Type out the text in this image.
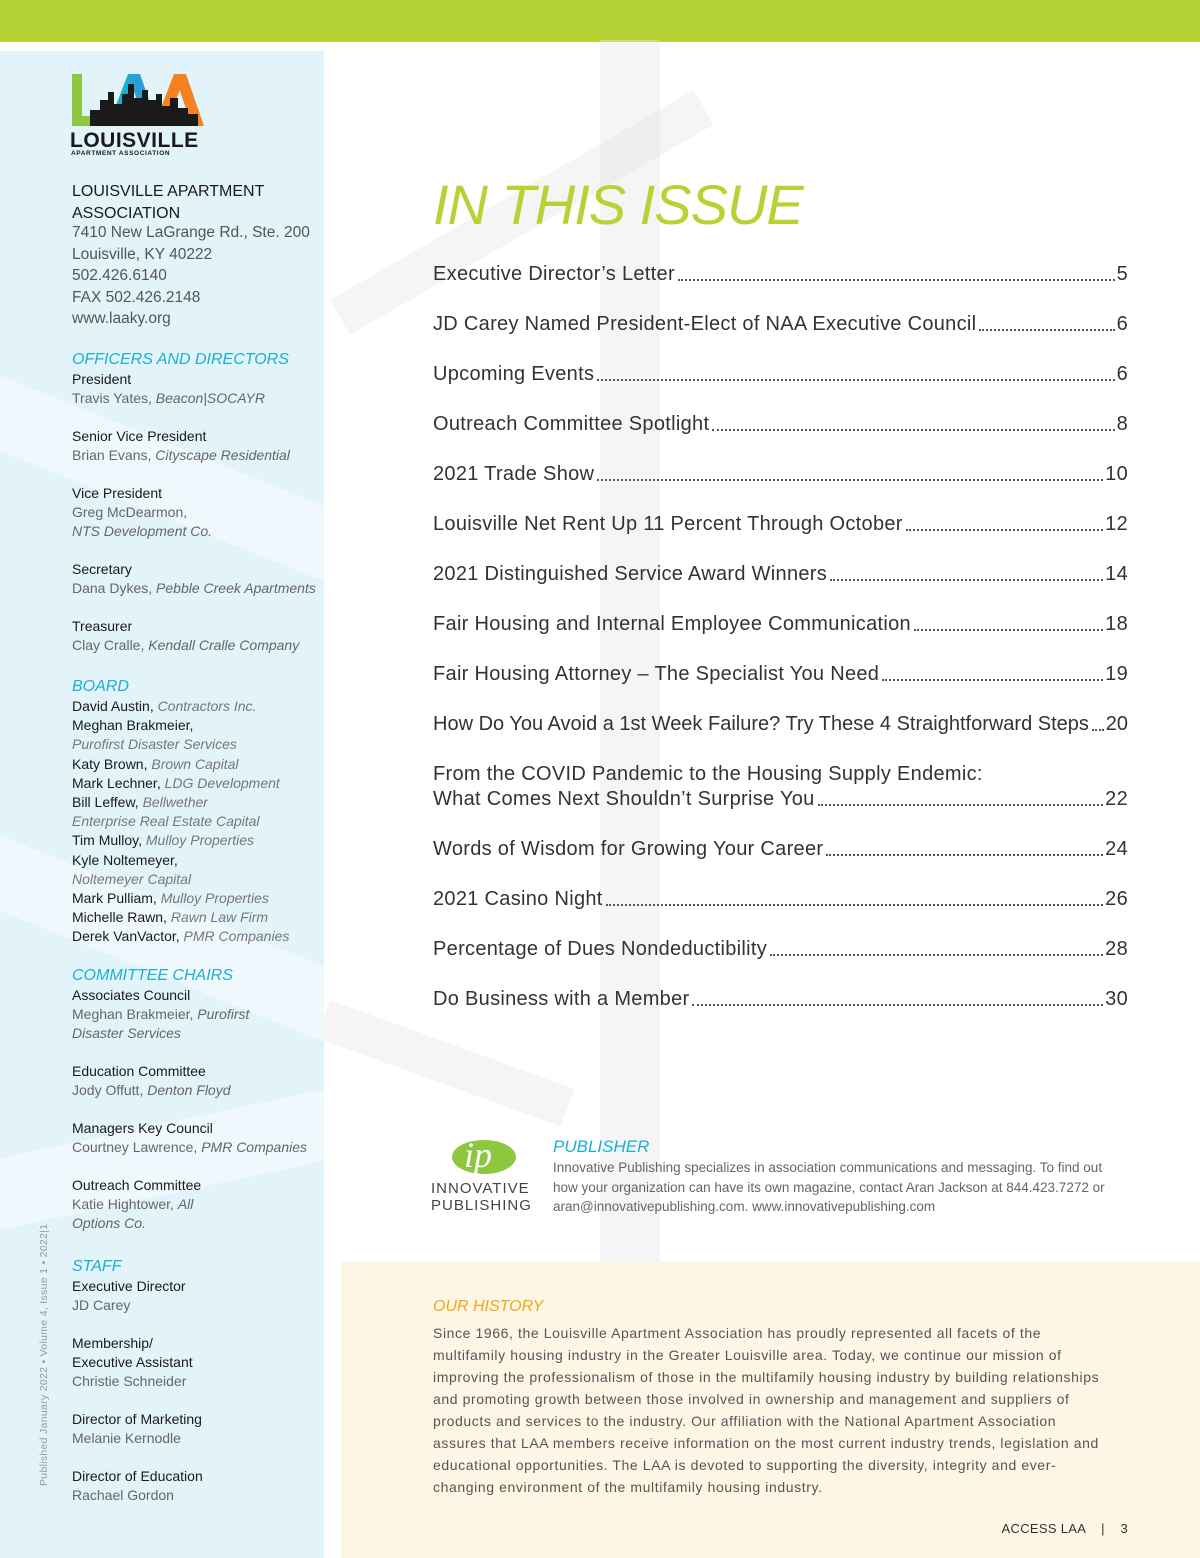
LOUISVILLE
APARTMENT ASSOCIATION
LOUISVILLE APARTMENT
ASSOCIATION
7410 New LaGrange Rd., Ste. 200
Louisville, KY 40222
502.426.6140
FAX 502.426.2148
www.laaky.org
OFFICERS AND DIRECTORS
President
Travis Yates, Beacon|SOCAYR
Senior Vice President
Brian Evans, Cityscape Residential
Vice President
Greg McDearmon,
NTS Development Co.
Secretary
Dana Dykes, Pebble Creek Apartments
Treasurer
Clay Cralle, Kendall Cralle Company
BOARD
David Austin, Contractors Inc.
Meghan Brakmeier,
Purofirst Disaster Services
Katy Brown, Brown Capital
Mark Lechner, LDG Development
Bill Leffew, Bellwether
Enterprise Real Estate Capital
Tim Mulloy, Mulloy Properties
Kyle Noltemeyer,
Noltemeyer Capital
Mark Pulliam, Mulloy Properties
Michelle Rawn, Rawn Law Firm
Derek VanVactor, PMR Companies
COMMITTEE CHAIRS
Associates Council
Meghan Brakmeier, Purofirst
Disaster Services
Education Committee
Jody Offutt, Denton Floyd
Managers Key Council
Courtney Lawrence, PMR Companies
Outreach Committee
Katie Hightower, All
Options Co.
STAFF
Executive Director
JD Carey
Membership/
Executive Assistant
Christie Schneider
Director of Marketing
Melanie Kernodle
Director of Education
Rachael Gordon
Published January 2022 • Volume 4, Issue 1 • 2022|1
IN THIS ISSUE
Executive Director’s Letter	5
JD Carey Named President-Elect of NAA Executive Council	6
Upcoming Events	6
Outreach Committee Spotlight	8
2021 Trade Show	10
Louisville Net Rent Up 11 Percent Through October	12
2021 Distinguished Service Award Winners	14
Fair Housing and Internal Employee Communication	18
Fair Housing Attorney – The Specialist You Need	19
How Do You Avoid a 1st Week Failure? Try These 4 Straightforward Steps 20
From the COVID Pandemic to the Housing Supply Endemic:
What Comes Next Shouldn’t Surprise You	22
Words of Wisdom for Growing Your Career	24
2021 Casino Night	26
Percentage of Dues Nondeductibility	28
Do Business with a Member	30
ip
INNOVATIVE
PUBLISHING
PUBLISHER
Innovative Publishing specializes in association communications and messaging. To find out how your organization can have its own magazine, contact Aran Jackson at 844.423.7272 or aran@innovativepublishing.com. www.innovativepublishing.com
OUR HISTORY
Since 1966, the Louisville Apartment Association has proudly represented all facets of the multifamily housing industry in the Greater Louisville area. Today, we continue our mission of improving the professionalism of those in the multifamily housing industry by building relationships and promoting growth between those involved in ownership and management and suppliers of products and services to the industry. Our affiliation with the National Apartment Association assures that LAA members receive information on the most current industry trends, legislation and educational opportunities. The LAA is devoted to supporting the diversity, integrity and ever-changing environment of the multifamily housing industry.
ACCESS LAA | 3
